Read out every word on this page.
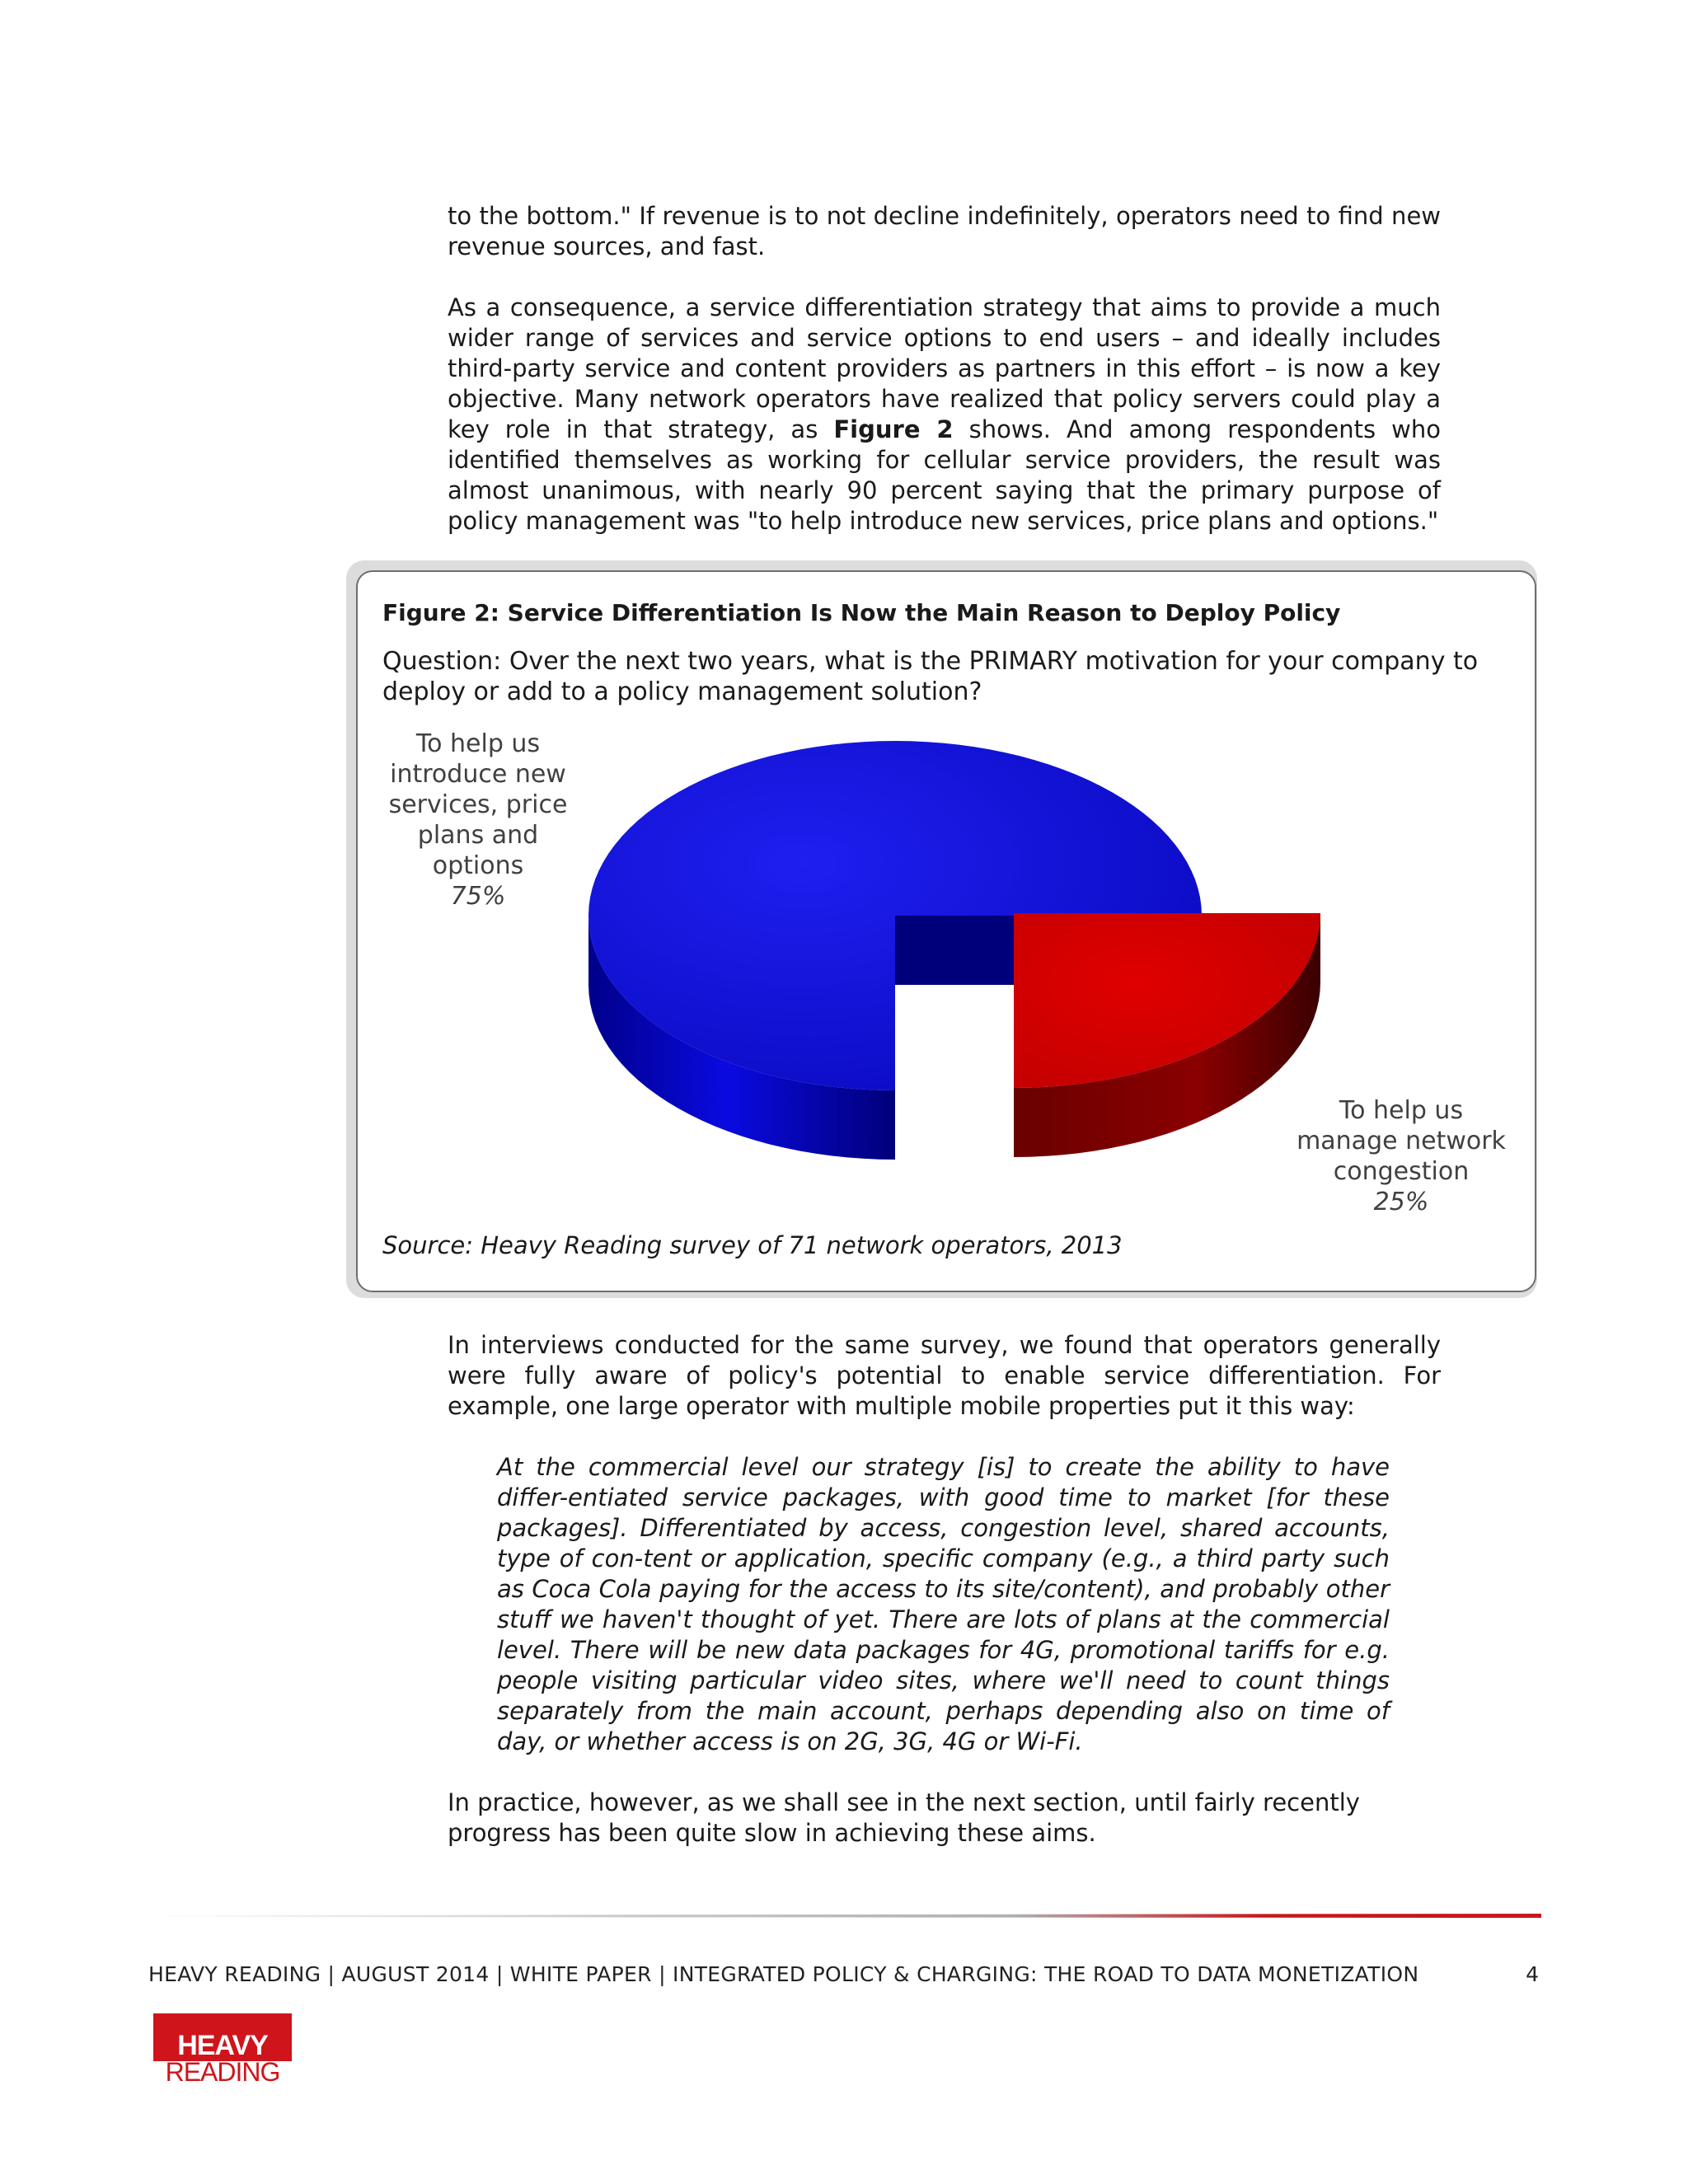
to the bottom." If revenue is to not decline indefinitely, operators need to find new revenue sources, and fast.

As a consequence, a service differentiation strategy that aims to provide a much wider range of services and service options to end users – and ideally includes third-party service and content providers as partners in this effort – is now a key objective. Many network operators have realized that policy servers could play a key role in that strategy, as Figure 2 shows. And among respondents who identified themselves as working for cellular service providers, the result was almost unanimous, with nearly 90 percent saying that the primary purpose of policy management was "to help introduce new services, price plans and options."

Figure 2: Service Differentiation Is Now the Main Reason to Deploy Policy
Question: Over the next two years, what is the PRIMARY motivation for your company to deploy or add to a policy management solution?
To help us
introduce new
services, price
plans and
options
75%
To help us
manage network
congestion
25%
Source: Heavy Reading survey of 71 network operators, 2013
In interviews conducted for the same survey, we found that operators generally were fully aware of policy's potential to enable service differentiation. For example, one large operator with multiple mobile properties put it this way:
At the commercial level our strategy [is] to create the ability to have differ-entiated service packages, with good time to market [for these packages]. Differentiated by access, congestion level, shared accounts, type of con-tent or application, specific company (e.g., a third party such as Coca Cola paying for the access to its site/content), and probably other stuff we haven't thought of yet. There are lots of plans at the commercial level. There will be new data packages for 4G, promotional tariffs for e.g. people visiting particular video sites, where we'll need to count things separately from the main account, perhaps depending also on time of day, or whether access is on 2G, 3G, 4G or Wi-Fi.
In practice, however, as we shall see in the next section, until fairly recently progress has been quite slow in achieving these aims.
HEAVY READING | AUGUST 2014 | WHITE PAPER | INTEGRATED POLICY & CHARGING: THE ROAD TO DATA MONETIZATION	4
HEAVY
READING
